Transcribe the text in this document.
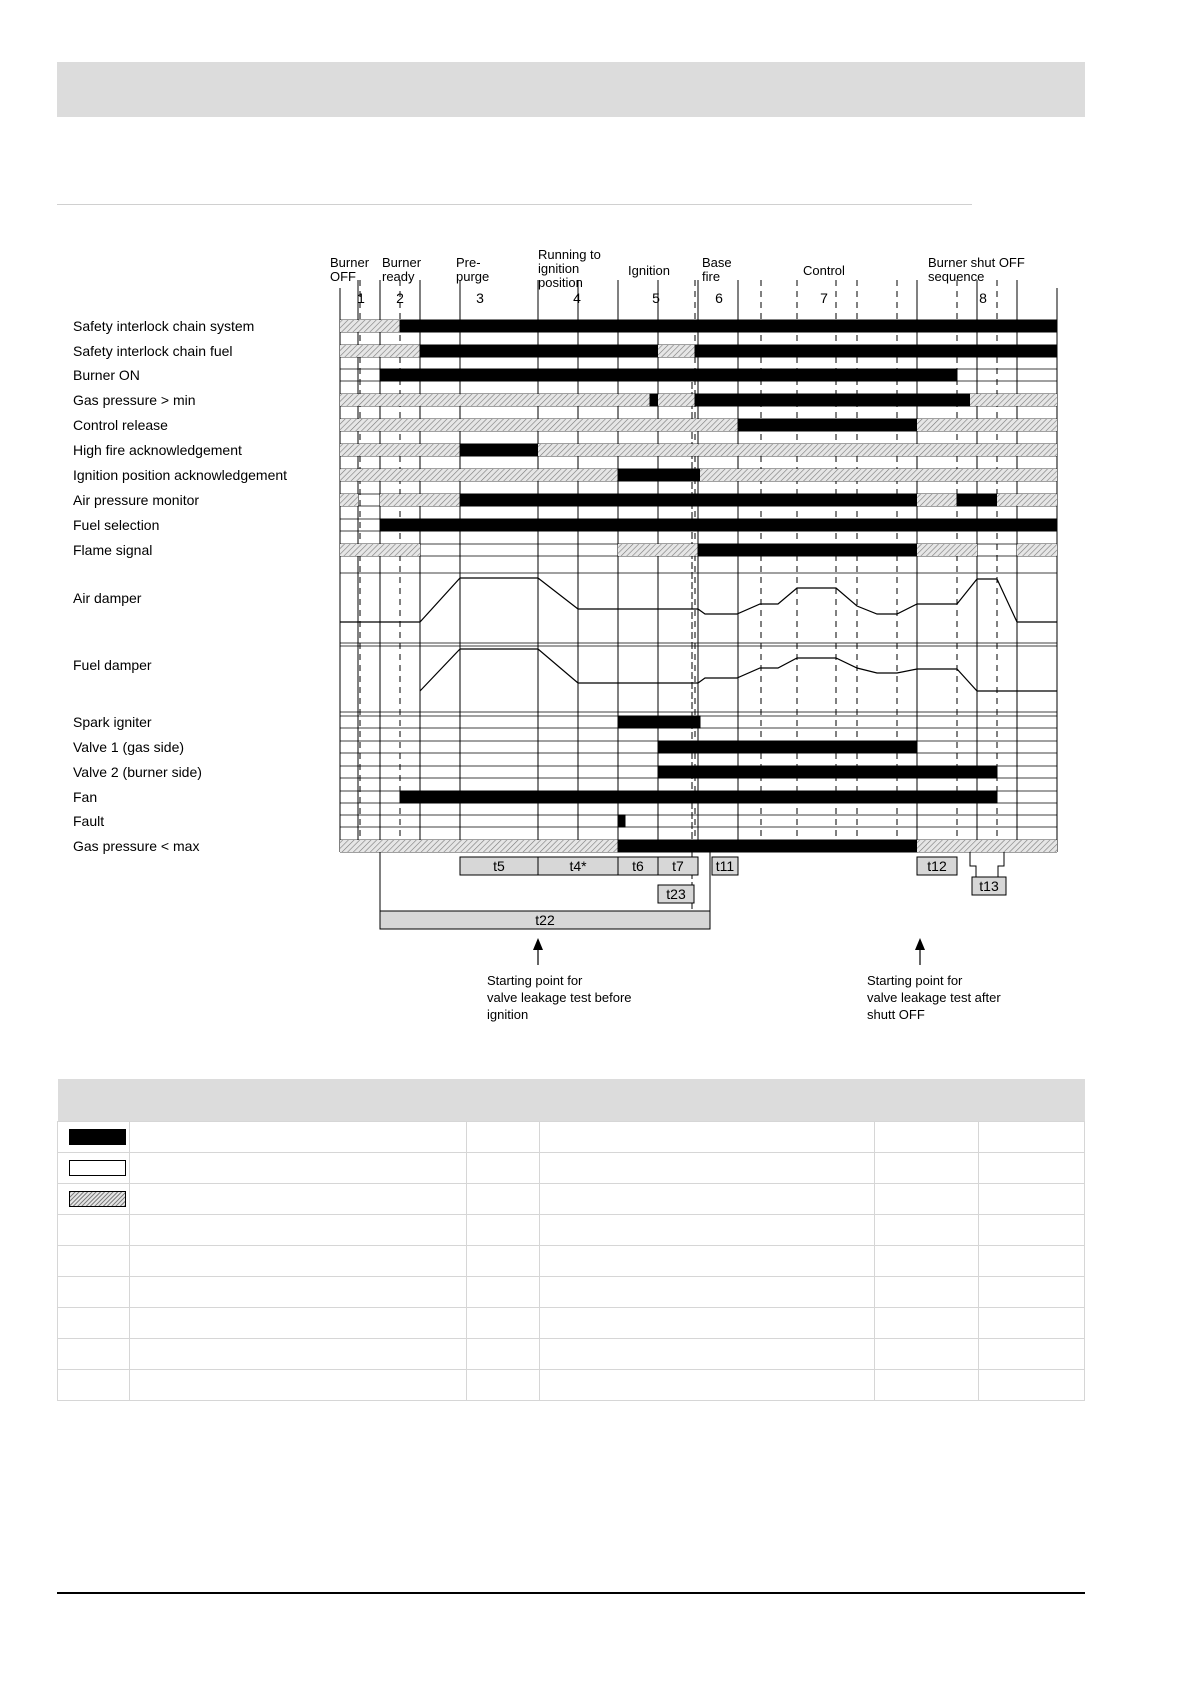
Safety interlock chain system
Safety interlock chain fuel
Burner ON
Gas pressure > min
Control release
High fire acknowledgement
Ignition position acknowledgement
Air pressure monitor
Fuel selection
Flame signal
Air damper
Fuel damper
Spark igniter
Valve 1 (gas side)
Valve 2 (burner side)
Fan
Fault
Gas pressure < max
Burner
OFF
1
Burner
ready
2
Pre-
purge
3
Running to
ignition
position
4
Ignition
5
Base
fire
6
Control
7
Burner shut OFF
sequence
8
t5	t4*	t6 t7 t11	t12
t23	t13
t22
Starting point for
valve leakage test before
ignition
Starting point for
valve leakage test after
shutt OFF
